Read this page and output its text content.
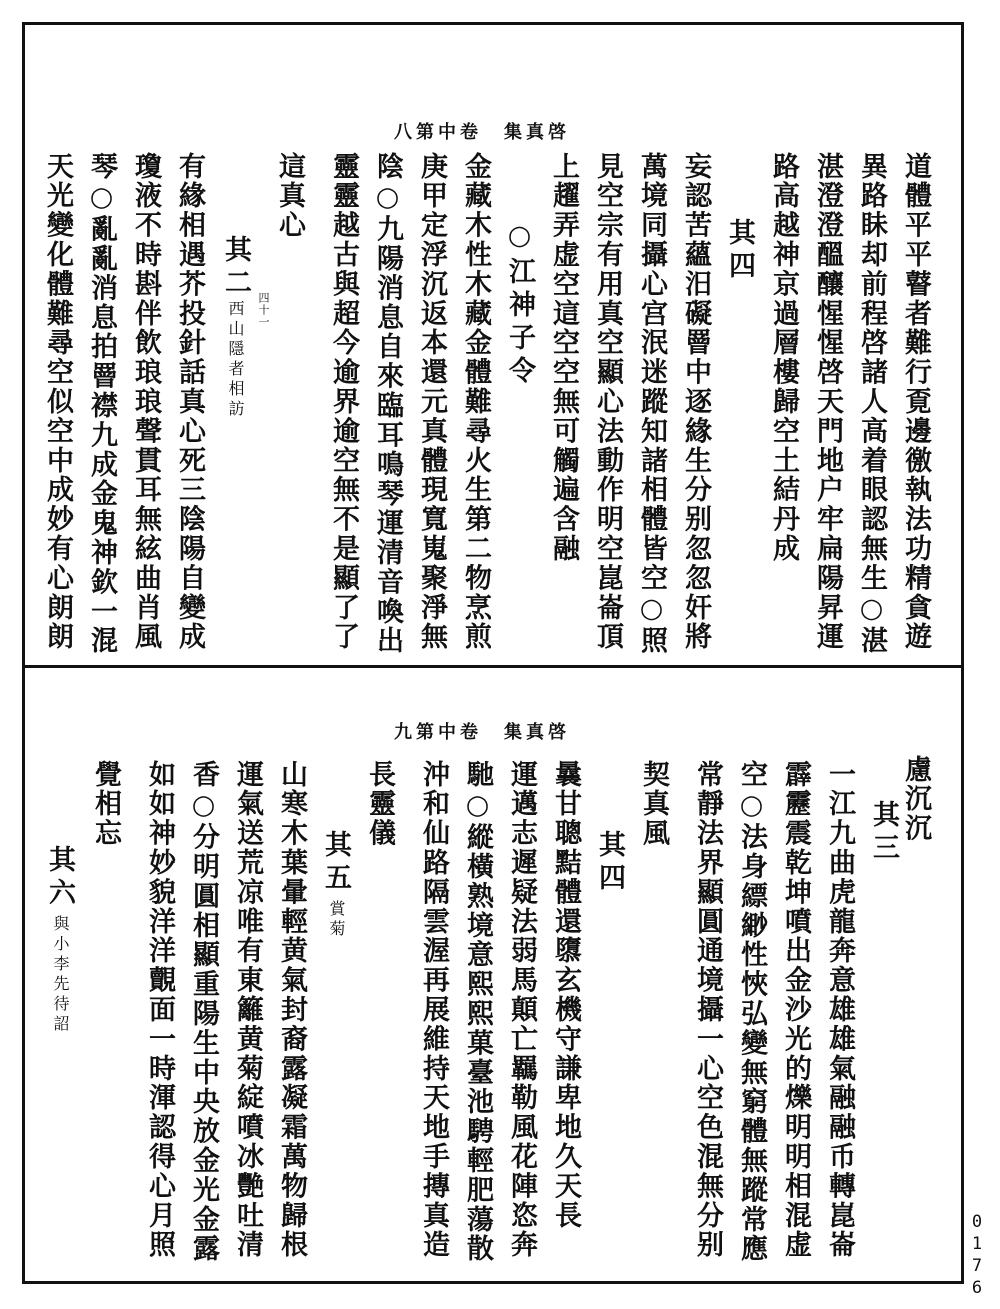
八第中卷　集真啓
道體平平瞽者難行覔邊徼執法功精貪遊
異路眛却前程啓諸人高着眼認無生○湛
湛澄澄醞釀惺惺啓天門地户牢扁陽昇運
路高越神京過層樓歸空土結丹成
其四
妄認苦蘊汨礙罾中逐緣生分别忽忽奸將
萬境同攝心宫泯迷蹤知諸相體皆空○照
見空宗有用真空顯心法動作明空崑崙頂
上趯弄虚空這空空無可觸遍含融
○江神子令
金藏木性木藏金體難尋火生第二物烹煎
庚甲定浮沉返本還元真體現寬嵬聚淨無
陰○九陽消息自來臨耳鳴琴運清音喚出
靈靈越古與超今逾界逾空無不是顯了了
這真心
其二
西山隱者相訪 四十一
有緣相遇芥投針話真心死三陰陽自變成
瓊液不時斟伴飲琅琅聲貫耳無絃曲肖風
琴○亂亂消息拍罾襟九成金鬼神欽一混
天光變化體難尋空似空中成妙有心朗朗
九第中卷　集真啓
慮沉沉
其三
一江九曲虎龍奔意雄雄氣融融币轉崑崙
霹靂震乾坤噴出金沙光的爍明明相混虚
空○法身縹緲性悏弘變無窮體無蹤常應
常靜法界顯圓通境攝一心空色混無分别
契真風
其四
曩甘聰黠體還隳玄機守謙卑地久天長
運邁志遲疑法弱馬顛亡羈勒風花陣恣奔
馳○縱橫熟境意熙熙菓臺池騁輕肥蕩散
沖和仙路隔雲渥再展維持天地手摶真造
長靈儀
其五
賞菊
山寒木葉暈輕黄氣封裔露凝霜萬物歸根
運氣送荒凉唯有東籬黄菊綻噴冰艷吐清
香○分明圓相顯重陽生中央放金光金露
如如神妙貌洋洋覿面一時渾認得心月照
覺相忘
其六
與小李先待詔
0176
